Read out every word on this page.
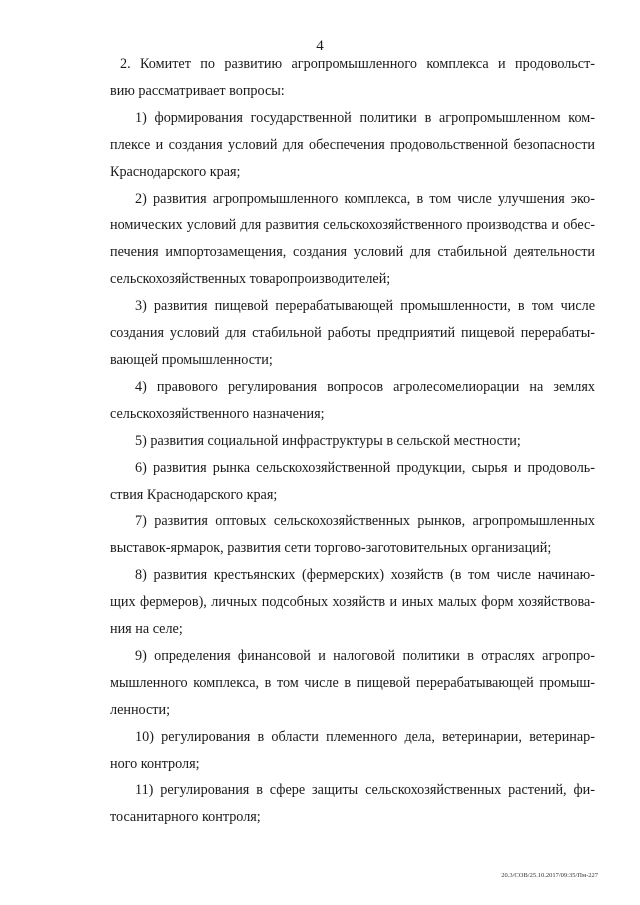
4
2. Комитет по развитию агропромышленного комплекса и продовольст-
вию рассматривает вопросы:
1) формирования государственной политики в агропромышленном ком-
плексе и создания условий для обеспечения продовольственной безопасности
Краснодарского края;
2) развития агропромышленного комплекса, в том числе улучшения эко-
номических условий для развития сельскохозяйственного производства и обес-
печения импортозамещения, создания условий для стабильной деятельности
сельскохозяйственных товаропроизводителей;
3) развития пищевой перерабатывающей промышленности, в том числе
создания условий для стабильной работы предприятий пищевой перерабаты-
вающей промышленности;
4) правового регулирования вопросов агролесомелиорации на землях
сельскохозяйственного назначения;
5) развития социальной инфраструктуры в сельской местности;
6) развития рынка сельскохозяйственной продукции, сырья и продоволь-
ствия Краснодарского края;
7) развития оптовых сельскохозяйственных рынков, агропромышленных
выставок-ярмарок, развития сети торгово-заготовительных организаций;
8) развития крестьянских (фермерских) хозяйств (в том числе начинаю-
щих фермеров), личных подсобных хозяйств и иных малых форм хозяйствова-
ния на селе;
9) определения финансовой и налоговой политики в отраслях агропро-
мышленного комплекса, в том числе в пищевой перерабатывающей промыш-
ленности;
10) регулирования в области племенного дела, ветеринарии, ветеринар-
ного контроля;
11) регулирования в сфере защиты сельскохозяйственных растений, фи-
тосанитарного контроля;
20.3/СОВ/25.10.2017/09:35/Пм-227
